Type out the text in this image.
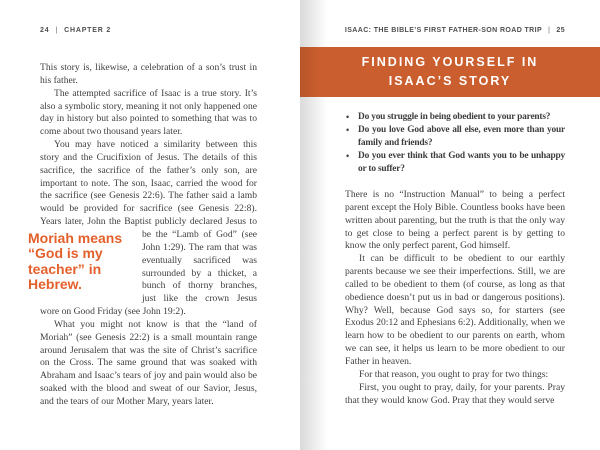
24 | CHAPTER 2

This story is, likewise, a celebration of a son’s trust in his father.

The attempted sacrifice of Isaac is a true story. It’s also a symbolic story, meaning it not only happened one day in history but also pointed to something that was to come about two thousand years later.

You may have noticed a similarity between this story and the Crucifixion of Jesus. The details of this sacrifice, the sacrifice of the father’s only son, are important to note. The son, Isaac, carried the wood for the sacrifice (see Genesis 22:6). The father said a lamb would be provided for sacrifice (see Genesis 22:8). Years later, John the Baptist publicly declared Jesus to be the “Lamb of
Moriah means “God is my teacher” in Hebrew.
God” (see John 1:29). The ram that was eventually sacrificed was surrounded by a thicket, a bunch of thorny branches, just like the crown Jesus wore on Good Friday (see John 19:2).

What you might not know is that the “land of Moriah” (see Genesis 22:2) is a small mountain range around Jerusalem that was the site of Christ’s sacrifice on the Cross. The same ground that was soaked with Abraham and Isaac’s tears of joy and pain would also be soaked with the blood and sweat of our Savior, Jesus, and the tears of our Mother Mary, years later.

ISAAC: THE BIBLE’S FIRST FATHER-SON ROAD TRIP | 25
FINDING YOURSELF IN
ISAAC’S STORY
• Do you struggle in being obedient to your parents?
• Do you love God above all else, even more than your family and friends?
• Do you ever think that God wants you to be unhappy or to suffer?

There is no “Instruction Manual” to being a perfect parent except the Holy Bible. Countless books have been written about parenting, but the truth is that the only way to get close to being a perfect parent is by getting to know the only perfect parent, God himself.

It can be difficult to be obedient to our earthly parents because we see their imperfections. Still, we are called to be obedient to them (of course, as long as that obedience doesn’t put us in bad or dangerous positions). Why? Well, because God says so, for starters (see Exodus 20:12 and Ephesians 6:2). Additionally, when we learn how to be obedient to our parents on earth, whom we can see, it helps us learn to be more obedient to our Father in heaven.

For that reason, you ought to pray for two things:

First, you ought to pray, daily, for your parents. Pray that they would know God. Pray that they would serve
